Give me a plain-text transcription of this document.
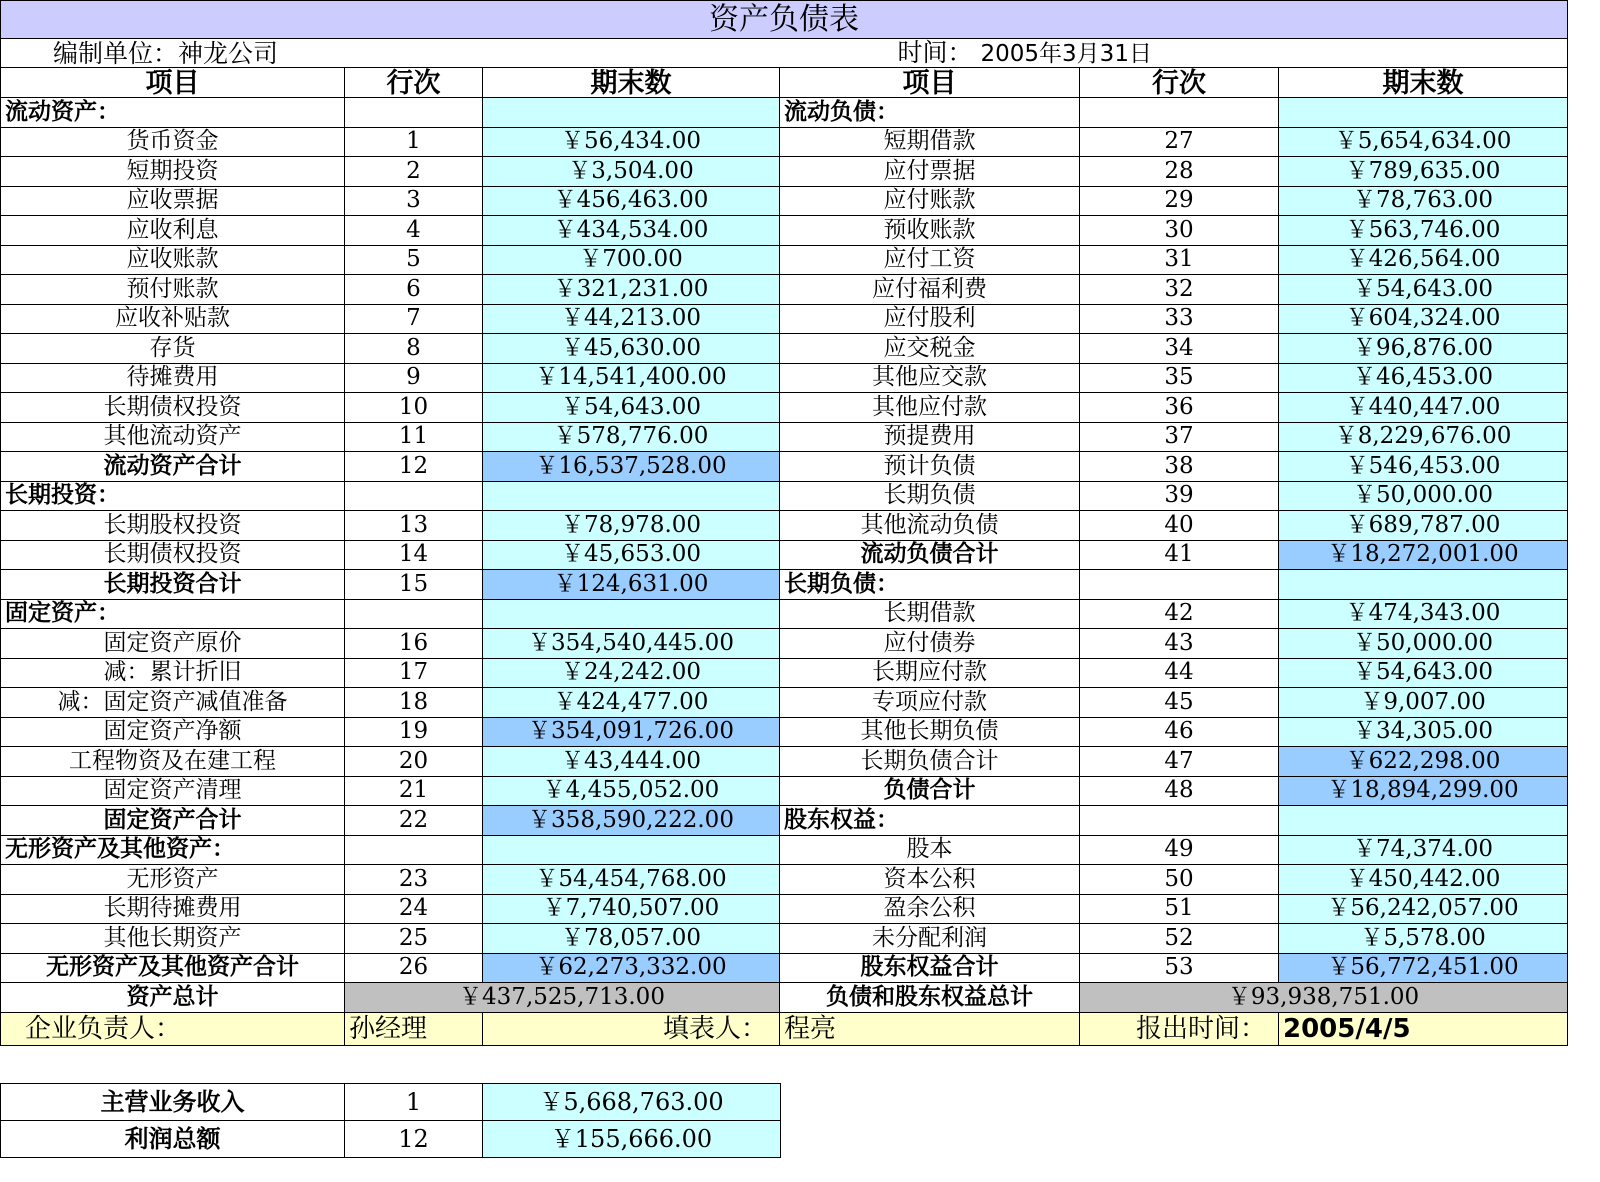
资产负债表					
编制单位：神龙公司			时间： 2005年3月31日		
项目	行次	期末数	项目	行次	期末数
流动资产：			流动负债：		
货币资金	1	￥56,434.00	短期借款	27	￥5,654,634.00
短期投资	2	￥3,504.00	应付票据	28	￥789,635.00
应收票据	3	￥456,463.00	应付账款	29	￥78,763.00
应收利息	4	￥434,534.00	预收账款	30	￥563,746.00
应收账款	5	￥700.00	应付工资	31	￥426,564.00
预付账款	6	￥321,231.00	应付福利费	32	￥54,643.00
应收补贴款	7	￥44,213.00	应付股利	33	￥604,324.00
存货	8	￥45,630.00	应交税金	34	￥96,876.00
待摊费用	9	￥14,541,400.00	其他应交款	35	￥46,453.00
长期债权投资	10	￥54,643.00	其他应付款	36	￥440,447.00
其他流动资产	11	￥578,776.00	预提费用	37	￥8,229,676.00
流动资产合计	12	￥16,537,528.00	预计负债	38	￥546,453.00
长期投资：			长期负债	39	￥50,000.00
长期股权投资	13	￥78,978.00	其他流动负债	40	￥689,787.00
长期债权投资	14	￥45,653.00	流动负债合计	41	￥18,272,001.00
长期投资合计	15	￥124,631.00	长期负债：		
固定资产：			长期借款	42	￥474,343.00
固定资产原价	16	￥354,540,445.00	应付债券	43	￥50,000.00
减：累计折旧	17	￥24,242.00	长期应付款	44	￥54,643.00
减：固定资产减值准备	18	￥424,477.00	专项应付款	45	￥9,007.00
固定资产净额	19	￥354,091,726.00	其他长期负债	46	￥34,305.00
工程物资及在建工程	20	￥43,444.00	长期负债合计	47	￥622,298.00
固定资产清理	21	￥4,455,052.00	负债合计	48	￥18,894,299.00
固定资产合计	22	￥358,590,222.00	股东权益：		
无形资产及其他资产：			股本	49	￥74,374.00
无形资产	23	￥54,454,768.00	资本公积	50	￥450,442.00
长期待摊费用	24	￥7,740,507.00	盈余公积	51	￥56,242,057.00
其他长期资产	25	￥78,057.00	未分配利润	52	￥5,578.00
无形资产及其他资产合计	26	￥62,273,332.00	股东权益合计	53	￥56,772,451.00
资产总计	￥437,525,713.00		负债和股东权益总计	￥93,938,751.00	
企业负责人：	孙经理	填表人：	程亮	报出时间：	2005/4/5
主营业务收入	1	￥5,668,763.00
利润总额	12	￥155,666.00
